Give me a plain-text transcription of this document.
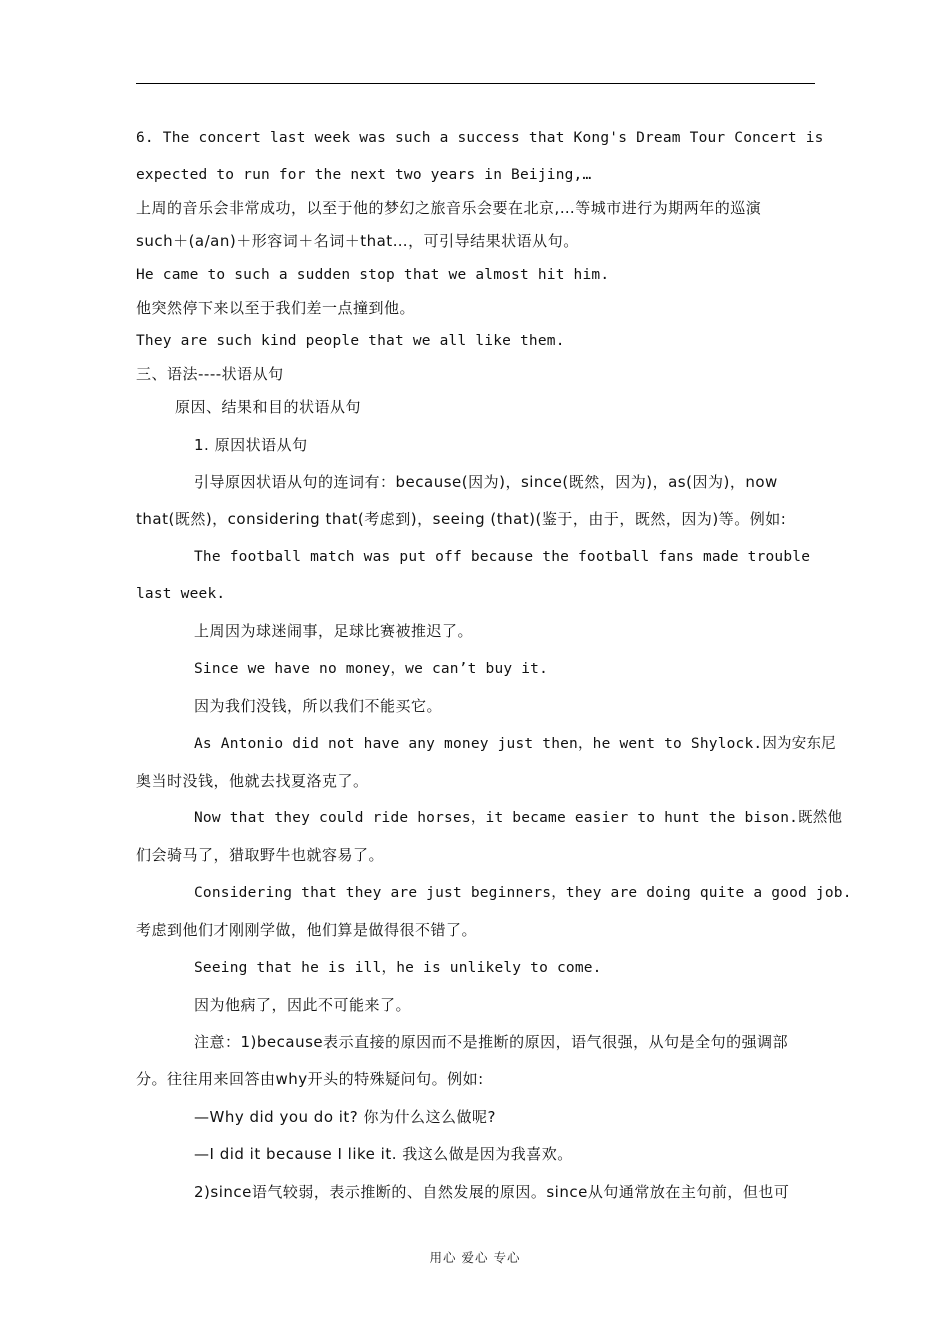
6. The concert last week was such a success that Kong's Dream Tour Concert is
expected to run for the next two years in Beijing,…
上周的音乐会非常成功，以至于他的梦幻之旅音乐会要在北京,…等城市进行为期两年的巡演
such＋(a/an)＋形容词＋名词＋that…，可引导结果状语从句。
He came to such a sudden stop that we almost hit him.
他突然停下来以至于我们差一点撞到他。
They are such kind people that we all like them.
三、语法----状语从句
原因、结果和目的状语从句
1. 原因状语从句
引导原因状语从句的连词有：because(因为)，since(既然，因为)，as(因为)，now
that(既然)，considering that(考虑到)，seeing (that)(鉴于，由于，既然，因为)等。例如:
The football match was put off because the football fans made trouble
last week.
上周因为球迷闹事，足球比赛被推迟了。
Since we have no money，we can’t buy it.
因为我们没钱，所以我们不能买它。
As Antonio did not have any money just then，he went to Shylock.因为安东尼
奥当时没钱，他就去找夏洛克了。
Now that they could ride horses，it became easier to hunt the bison.既然他
们会骑马了，猎取野牛也就容易了。
Considering that they are just beginners，they are doing quite a good job.
考虑到他们才刚刚学做，他们算是做得很不错了。
Seeing that he is ill，he is unlikely to come.
因为他病了，因此不可能来了。
注意：1)because表示直接的原因而不是推断的原因，语气很强，从句是全句的强调部
分。往往用来回答由why开头的特殊疑问句。例如:
—Why did you do it? 你为什么这么做呢?
—I did it because I like it. 我这么做是因为我喜欢。
2)since语气较弱，表示推断的、自然发展的原因。since从句通常放在主句前，但也可
用心 爱心 专心
